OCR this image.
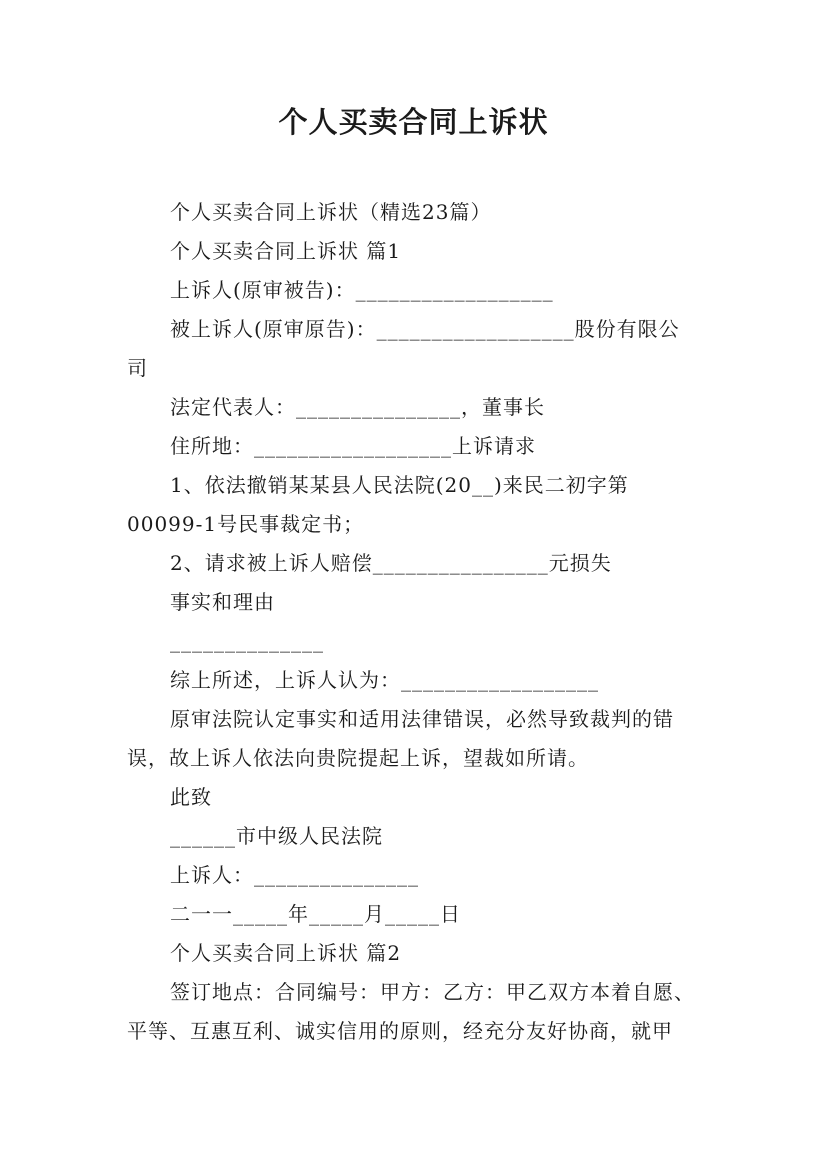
个人买卖合同上诉状
个人买卖合同上诉状（精选23篇）
个人买卖合同上诉状 篇1
上诉人(原审被告)：__________________
被上诉人(原审原告)：__________________股份有限公
司
法定代表人：_______________，董事长
住所地：__________________上诉请求
1、依法撤销某某县人民法院(20__)来民二初字第
00099-1号民事裁定书；
2、请求被上诉人赔偿________________元损失
事实和理由
______________
综上所述，上诉人认为：__________________
原审法院认定事实和适用法律错误，必然导致裁判的错
误，故上诉人依法向贵院提起上诉，望裁如所请。
此致
______市中级人民法院
上诉人：_______________
二一一_____年_____月_____日
个人买卖合同上诉状 篇2
签订地点：合同编号：甲方：乙方：甲乙双方本着自愿、
平等、互惠互利、诚实信用的原则，经充分友好协商，就甲
